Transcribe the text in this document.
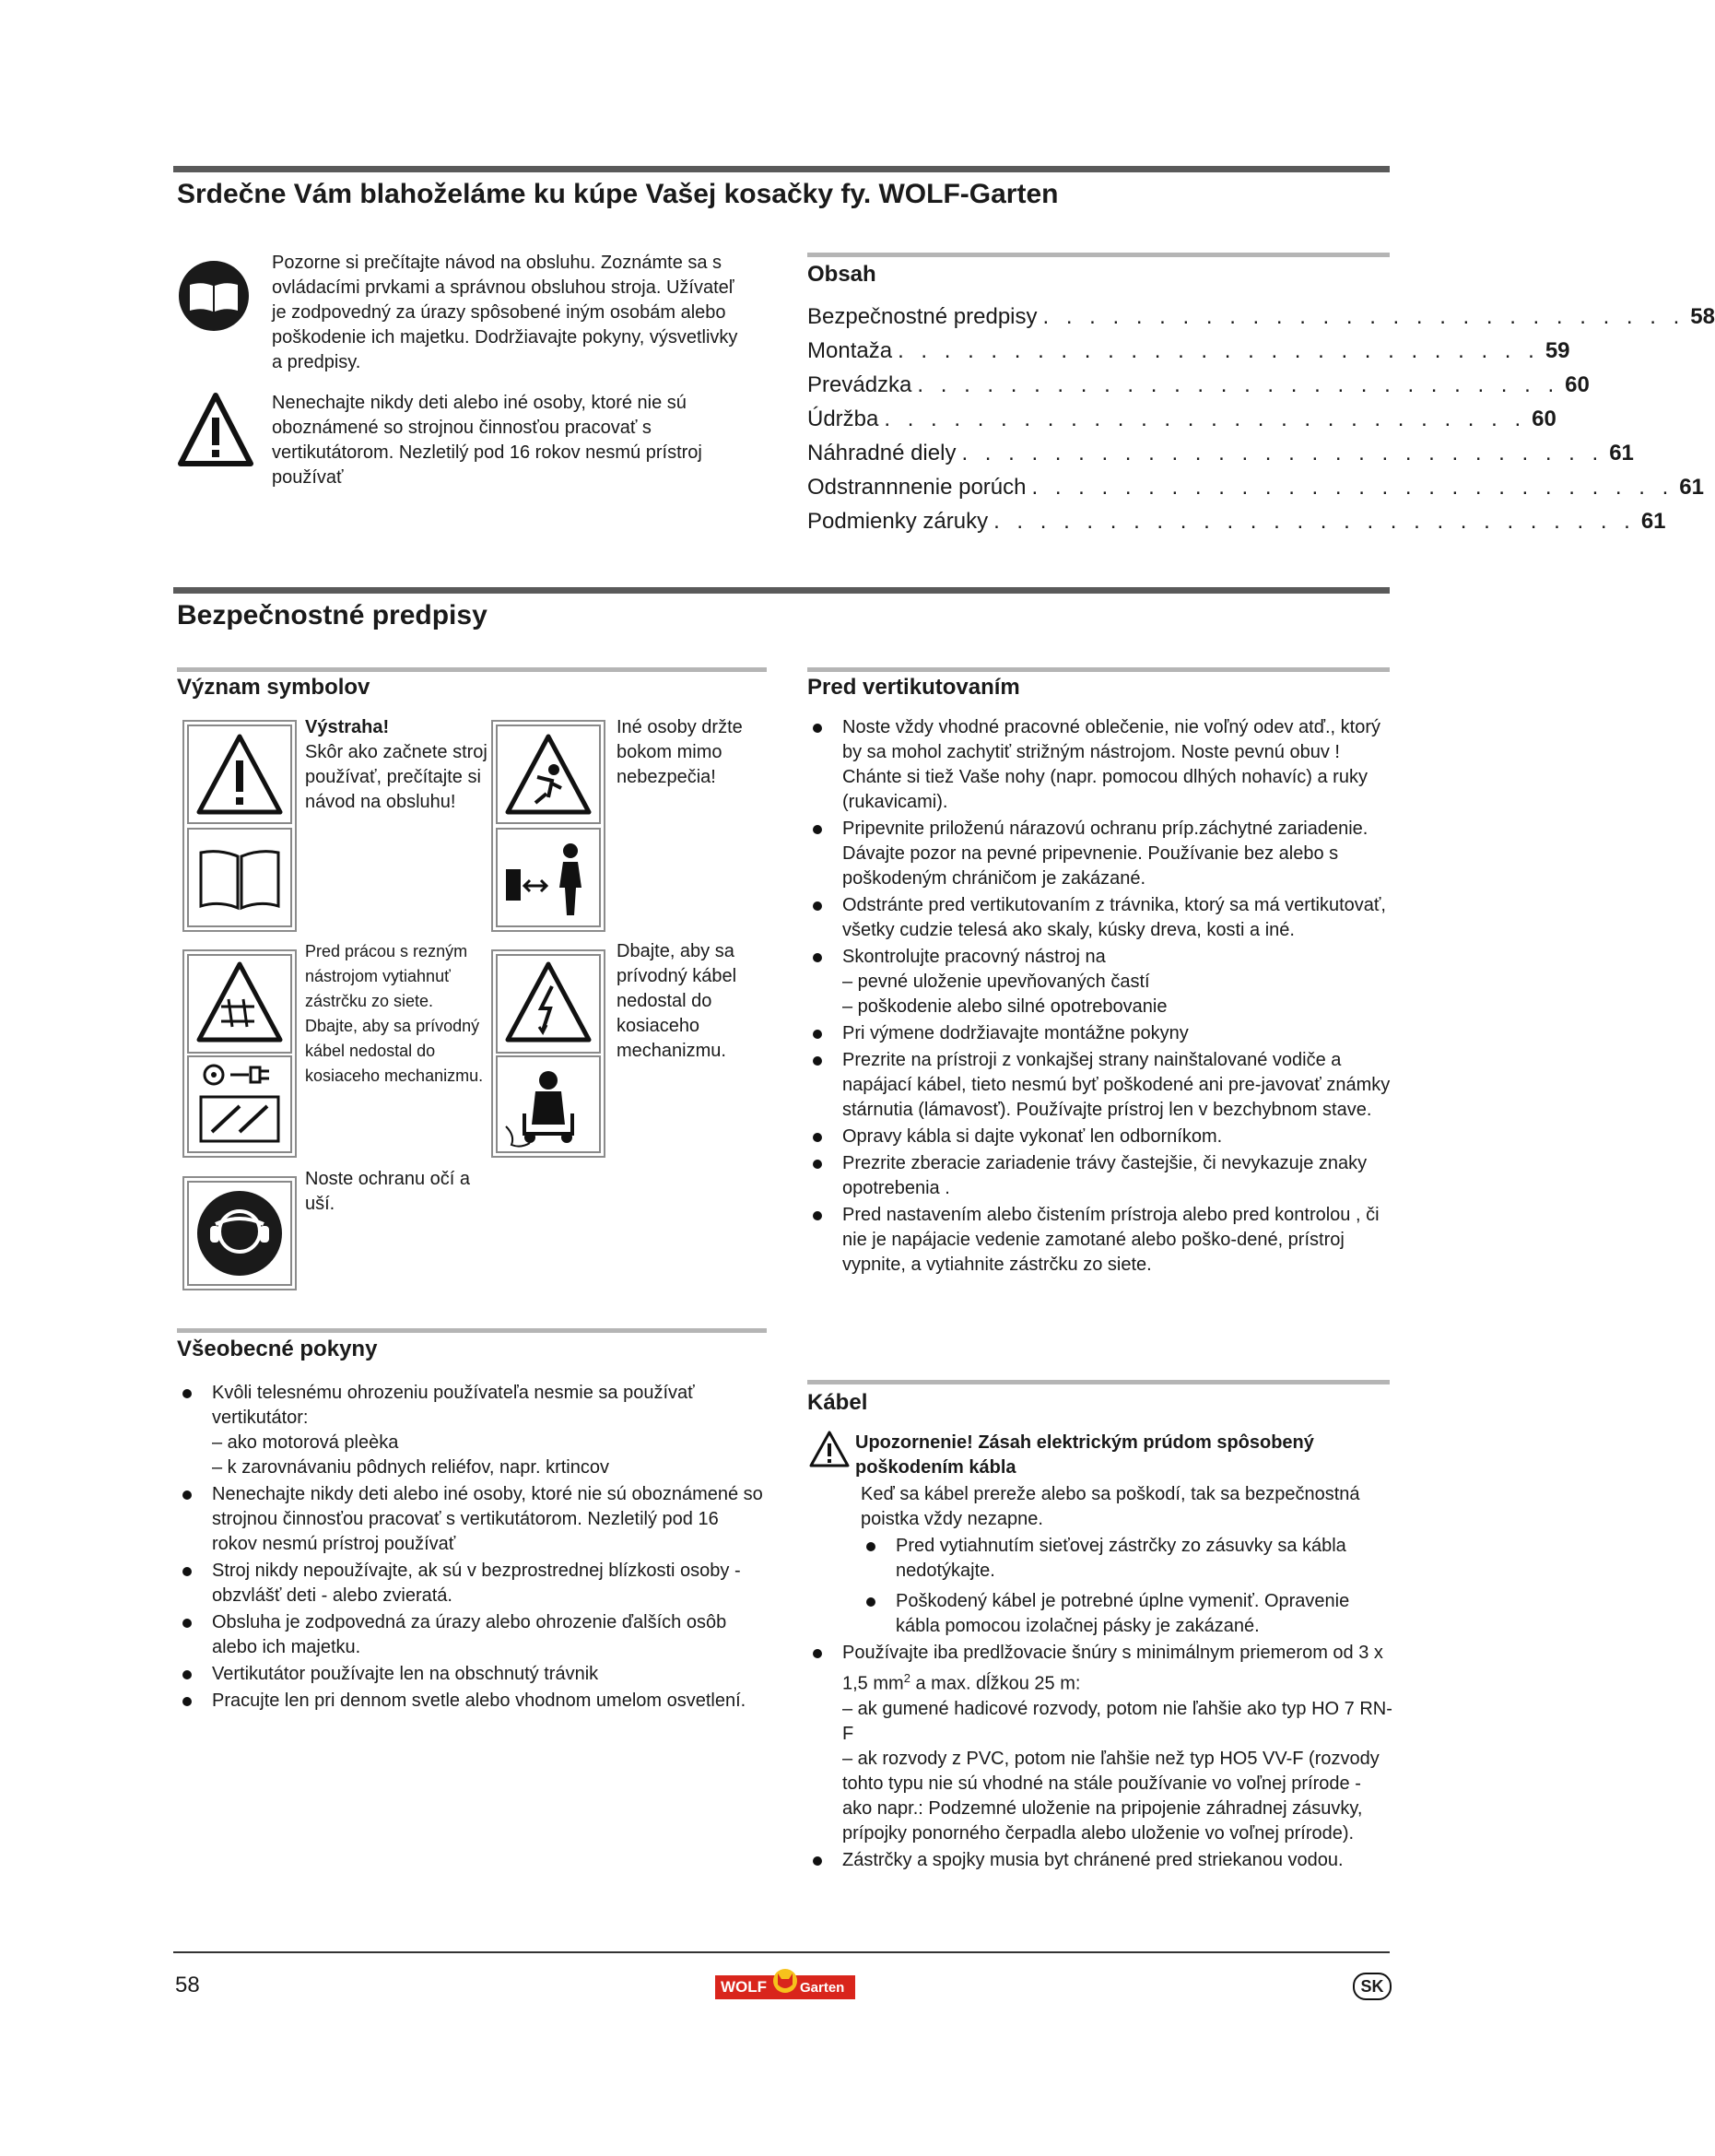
Srdečne Vám blahoželáme ku kúpe Vašej kosačky fy. WOLF-Garten
Pozorne si prečítajte návod na obsluhu. Zoznámte sa s ovládacími prvkami a správnou obsluhou stroja. Užívateľ je zodpovedný za úrazy spôsobené iným osobám alebo poškodenie ich majetku. Dodržiavajte pokyny, výsvetlivky a predpisy.
Nenechajte nikdy deti alebo iné osoby, ktoré nie sú oboznámené so strojnou činnosťou pracovať s vertikutátorom. Nezletilý pod 16 rokov nesmú prístroj používať
Obsah
Bezpečnostné predpisy . . . . . . . . . . . . . . . . . . . . . . . . . . . . 58
Montaža . . . . . . . . . . . . . . . . . . . . . . . . . . . . 59
Prevádzka . . . . . . . . . . . . . . . . . . . . . . . . . . . . 60
Údržba . . . . . . . . . . . . . . . . . . . . . . . . . . . . 60
Náhradné diely . . . . . . . . . . . . . . . . . . . . . . . . . . . . 61
Odstrannnenie porúch . . . . . . . . . . . . . . . . . . . . . . . . . . . . 61
Podmienky záruky . . . . . . . . . . . . . . . . . . . . . . . . . . . . 61
Bezpečnostné predpisy
Význam symbolov
Výstraha!
Skôr ako začnete stroj používať, prečítajte si návod na obsluhu!
Iné osoby držte bokom mimo nebezpečia!
Pred prácou s rezným nástrojom vytiahnuť zástrčku zo siete.
Dbajte, aby sa prívodný kábel nedostal do kosiaceho mechanizmu.
Dbajte, aby sa prívodný kábel nedostal do kosiaceho mechanizmu.
Noste ochranu očí a uší.
Všeobecné pokyny
Kvôli telesnému ohrozeniu používateľa nesmie sa používať vertikutátor:
– ako motorová pleèka
– k zarovnávaniu pôdnych reliéfov, napr. krtincov
Nenechajte nikdy deti alebo iné osoby, ktoré nie sú oboznámené so strojnou činnosťou pracovať s vertikutátorom. Nezletilý pod 16 rokov nesmú prístroj používať
Stroj nikdy nepoužívajte, ak sú v bezprostrednej blízkosti osoby - obzvlášť deti - alebo zvieratá.
Obsluha je zodpovedná za úrazy alebo ohrozenie ďalších osôb alebo ich majetku.
Vertikutátor používajte len na obschnutý trávnik
Pracujte len pri dennom svetle alebo vhodnom umelom osvetlení.
Pred vertikutovaním
Noste vždy vhodné pracovné oblečenie, nie voľný odev atď., ktorý by sa mohol zachytiť strižným nástrojom. Noste pevnú obuv ! Chánte si tiež Vaše nohy (napr. pomocou dlhých nohavíc) a ruky (rukavicami).
Pripevnite priloženú nárazovú ochranu príp.záchytné zariadenie. Dávajte pozor na pevné pripevnenie. Používanie bez alebo s poškodeným chráničom je zakázané.
Odstránte pred vertikutovaním z trávnika, ktorý sa má vertikutovať, všetky cudzie telesá ako skaly, kúsky dreva, kosti a iné.
Skontrolujte pracovný nástroj na
– pevné uloženie upevňovaných častí
– poškodenie alebo silné opotrebovanie
Pri výmene dodržiavajte montážne pokyny
Prezrite na prístroji z vonkajšej strany nainštalované vodiče a napájací kábel, tieto nesmú byť poškodené ani pre-javovať známky stárnutia (lámavosť). Používajte prístroj len v bezchybnom stave.
Opravy kábla si dajte vykonať len odborníkom.
Prezrite zberacie zariadenie trávy častejšie, či nevykazuje znaky opotrebenia .
Pred nastavením alebo čistením prístroja alebo pred kontrolou , či nie je napájacie vedenie zamotané alebo poško-dené, prístroj vypnite, a vytiahnite zástrčku zo siete.
Kábel
Upozornenie! Zásah elektrickým prúdom spôsobený poškodením kábla
Keď sa kábel prereže alebo sa poškodí, tak sa bezpečnostná poistka vždy nezapne.
Pred vytiahnutím sieťovej zástrčky zo zásuvky sa kábla nedotýkajte.
Poškodený kábel je potrebné úplne vymeniť. Opravenie kábla pomocou izolačnej pásky je zakázané.
Používajte iba predlžovacie šnúry s minimálnym priemerom od 3 x 1,5 $mm^2$ a max. dĺžkou 25 m:
– ak gumené hadicové rozvody, potom nie ľahšie ako typ HO 7 RN-F
– ak rozvody z PVC, potom nie ľahšie než typ HO5 VV-F (rozvody tohto typu nie sú vhodné na stále používanie vo voľnej prírode - ako napr.: Podzemné uloženie na pripojenie záhradnej zásuvky, prípojky ponorného čerpadla alebo uloženie vo voľnej prírode).
Zástrčky a spojky musia byt chránené pred striekanou vodou.
58	WOLF Garten	SK
